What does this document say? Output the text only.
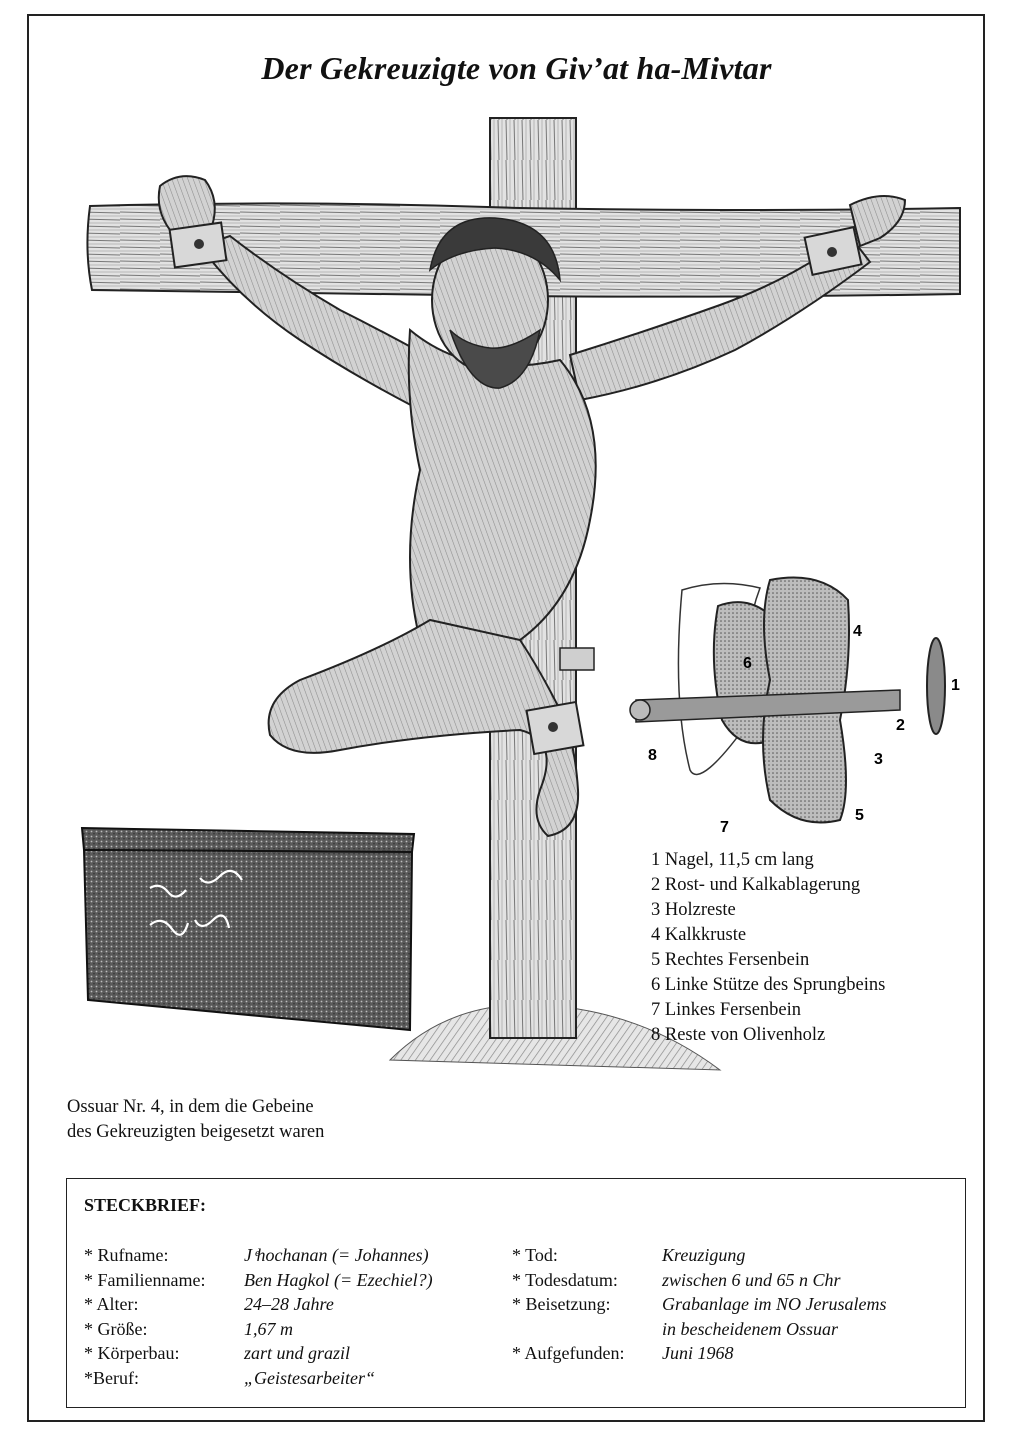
Der Gekreuzigte von Giv’at ha-Mivtar
1
2
3
4
5
6
7
8
1 Nagel, 11,5 cm lang
2 Rost- und Kalkablagerung
3 Holzreste
4 Kalkkruste
5 Rechtes Fersenbein
6 Linke Stütze des Sprungbeins
7 Linkes Fersenbein
8 Reste von Olivenholz
Ossuar Nr. 4, in dem die Gebeine
des Gekreuzigten beigesetzt waren
STECKBRIEF:
* Rufname:	J ͤhochanan (= Johannes)
* Familienname: Ben Hagkol (= Ezechiel?)
* Alter:	24–28 Jahre
* Größe:	1,67 m
* Körperbau:	zart und grazil
*Beruf:	„Geistesarbeiter“
* Tod:	Kreuzigung
* Todesdatum: zwischen 6 und 65 n Chr
* Beisetzung:	Grabanlage im NO Jerusalems
in bescheidenem Ossuar
* Aufgefunden: Juni 1968
